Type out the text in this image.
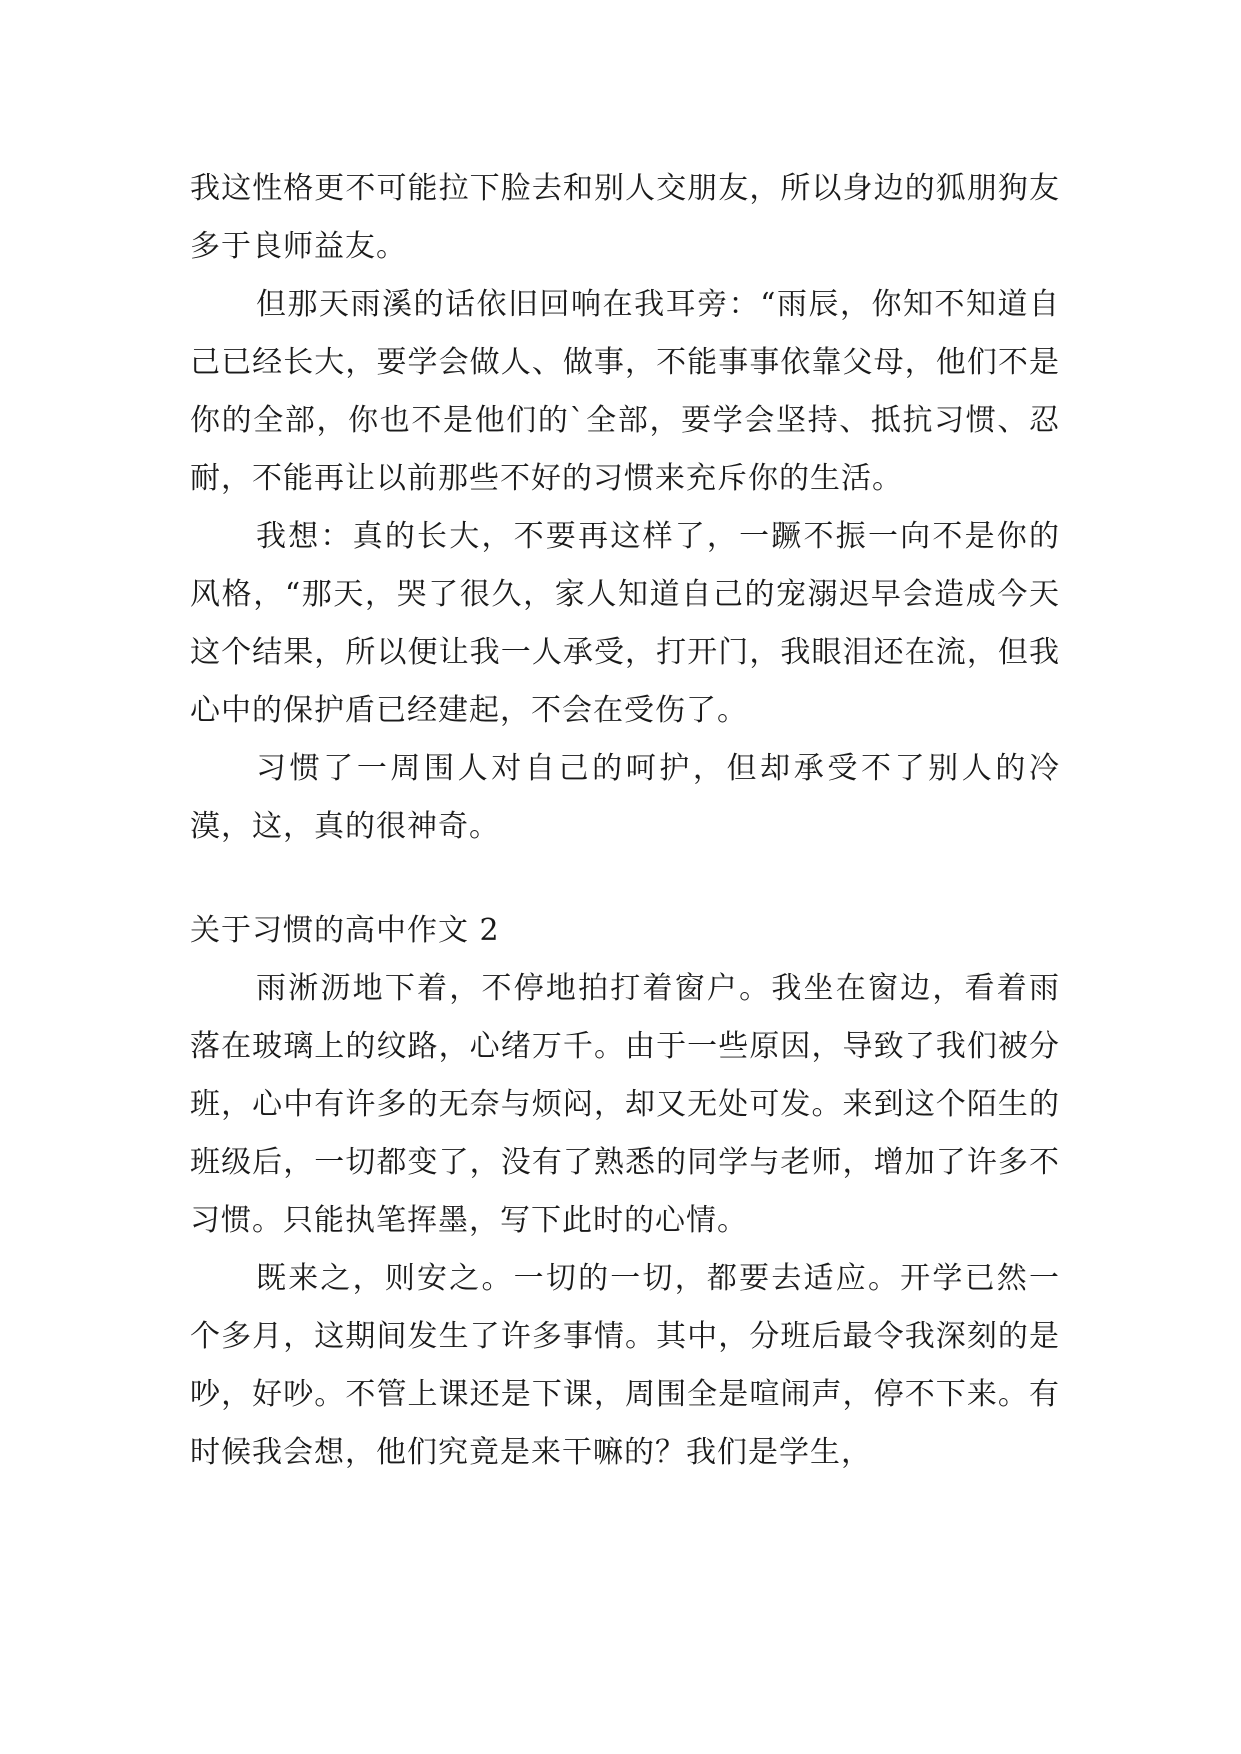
我这性格更不可能拉下脸去和别人交朋友，所以身边的狐朋狗友多于良师益友。

但那天雨溪的话依旧回响在我耳旁：“雨辰，你知不知道自己已经长大，要学会做人、做事，不能事事依靠父母，他们不是你的全部，你也不是他们的`全部，要学会坚持、抵抗习惯、忍耐，不能再让以前那些不好的习惯来充斥你的生活。

我想：真的长大，不要再这样了，一蹶不振一向不是你的风格，“那天，哭了很久，家人知道自己的宠溺迟早会造成今天这个结果，所以便让我一人承受，打开门，我眼泪还在流，但我心中的保护盾已经建起，不会在受伤了。

习惯了一周围人对自己的呵护，但却承受不了别人的冷漠，这，真的很神奇。

关于习惯的高中作文 2

雨淅沥地下着，不停地拍打着窗户。我坐在窗边，看着雨落在玻璃上的纹路，心绪万千。由于一些原因，导致了我们被分班，心中有许多的无奈与烦闷，却又无处可发。来到这个陌生的班级后，一切都变了，没有了熟悉的同学与老师，增加了许多不习惯。只能执笔挥墨，写下此时的心情。

既来之，则安之。一切的一切，都要去适应。开学已然一个多月，这期间发生了许多事情。其中，分班后最令我深刻的是吵，好吵。不管上课还是下课，周围全是喧闹声，停不下来。有时候我会想，他们究竟是来干嘛的？我们是学生，
